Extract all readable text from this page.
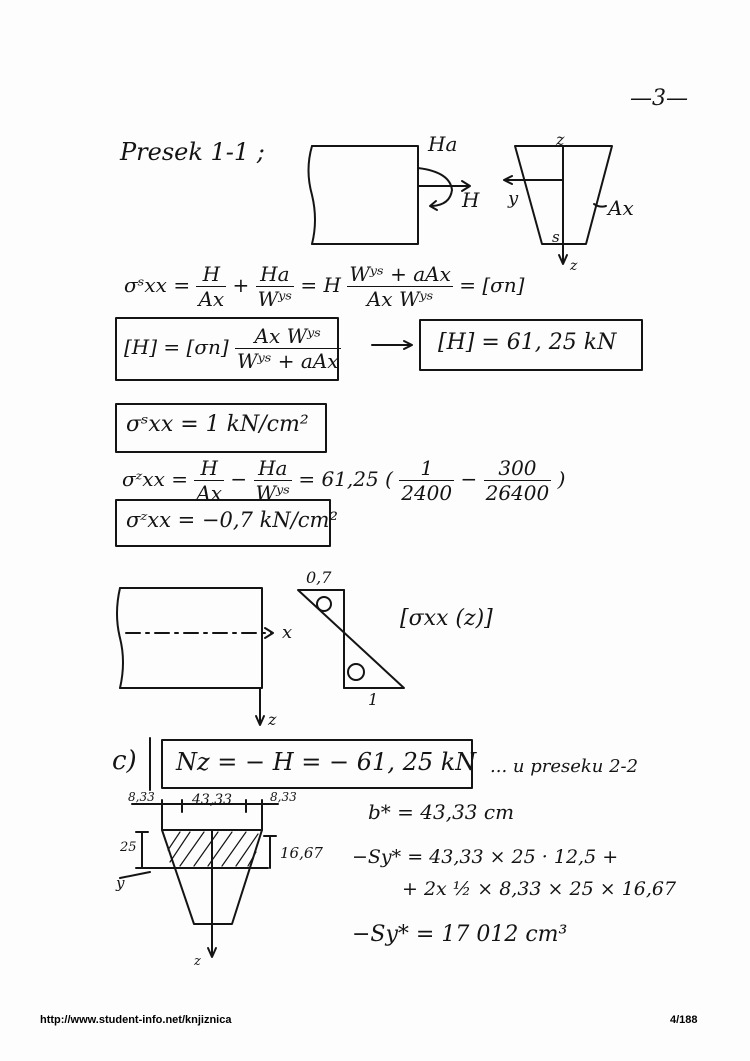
—3—
Presek 1-1 ;	Ha
H
z
y	Ax
s
z
σˢxx = $\frac{H}{Ax} + \frac{Ha}{\text{Wʸˢ}} = H \frac{\text{Wʸˢ + aAx}}{\text{Ax Wʸˢ}} = [\sigma n]$
$[H] = [\sigma n] \frac{\text{Ax Wʸˢ}}{\text{Wʸˢ + aAx}}$	[H] = 61, 25 kN
σˢxx = 1 kN/cm²
σᶻxx = $\frac{H}{Ax} - \frac{Ha}{\text{Wʸˢ}} = 61,25$ ( $\frac{1}{2400} - \frac{300}{26400}$ )
σᶻxx = −0,7 kN/cm²
x
z
0,7
1
[σxx (z)]
c) Nz = − H = − 61, 25 kN ... u preseku 2-2
8,33	43,33	8,33
25	16,67
y
z
b* = 43,33 cm
−Sy* = 43,33 × 25 · 12,5 +
+ 2x ½ × 8,33 × 25 × 16,67
−Sy* = 17 012 cm³
http://www.student-info.net/knjiznica	4/188
